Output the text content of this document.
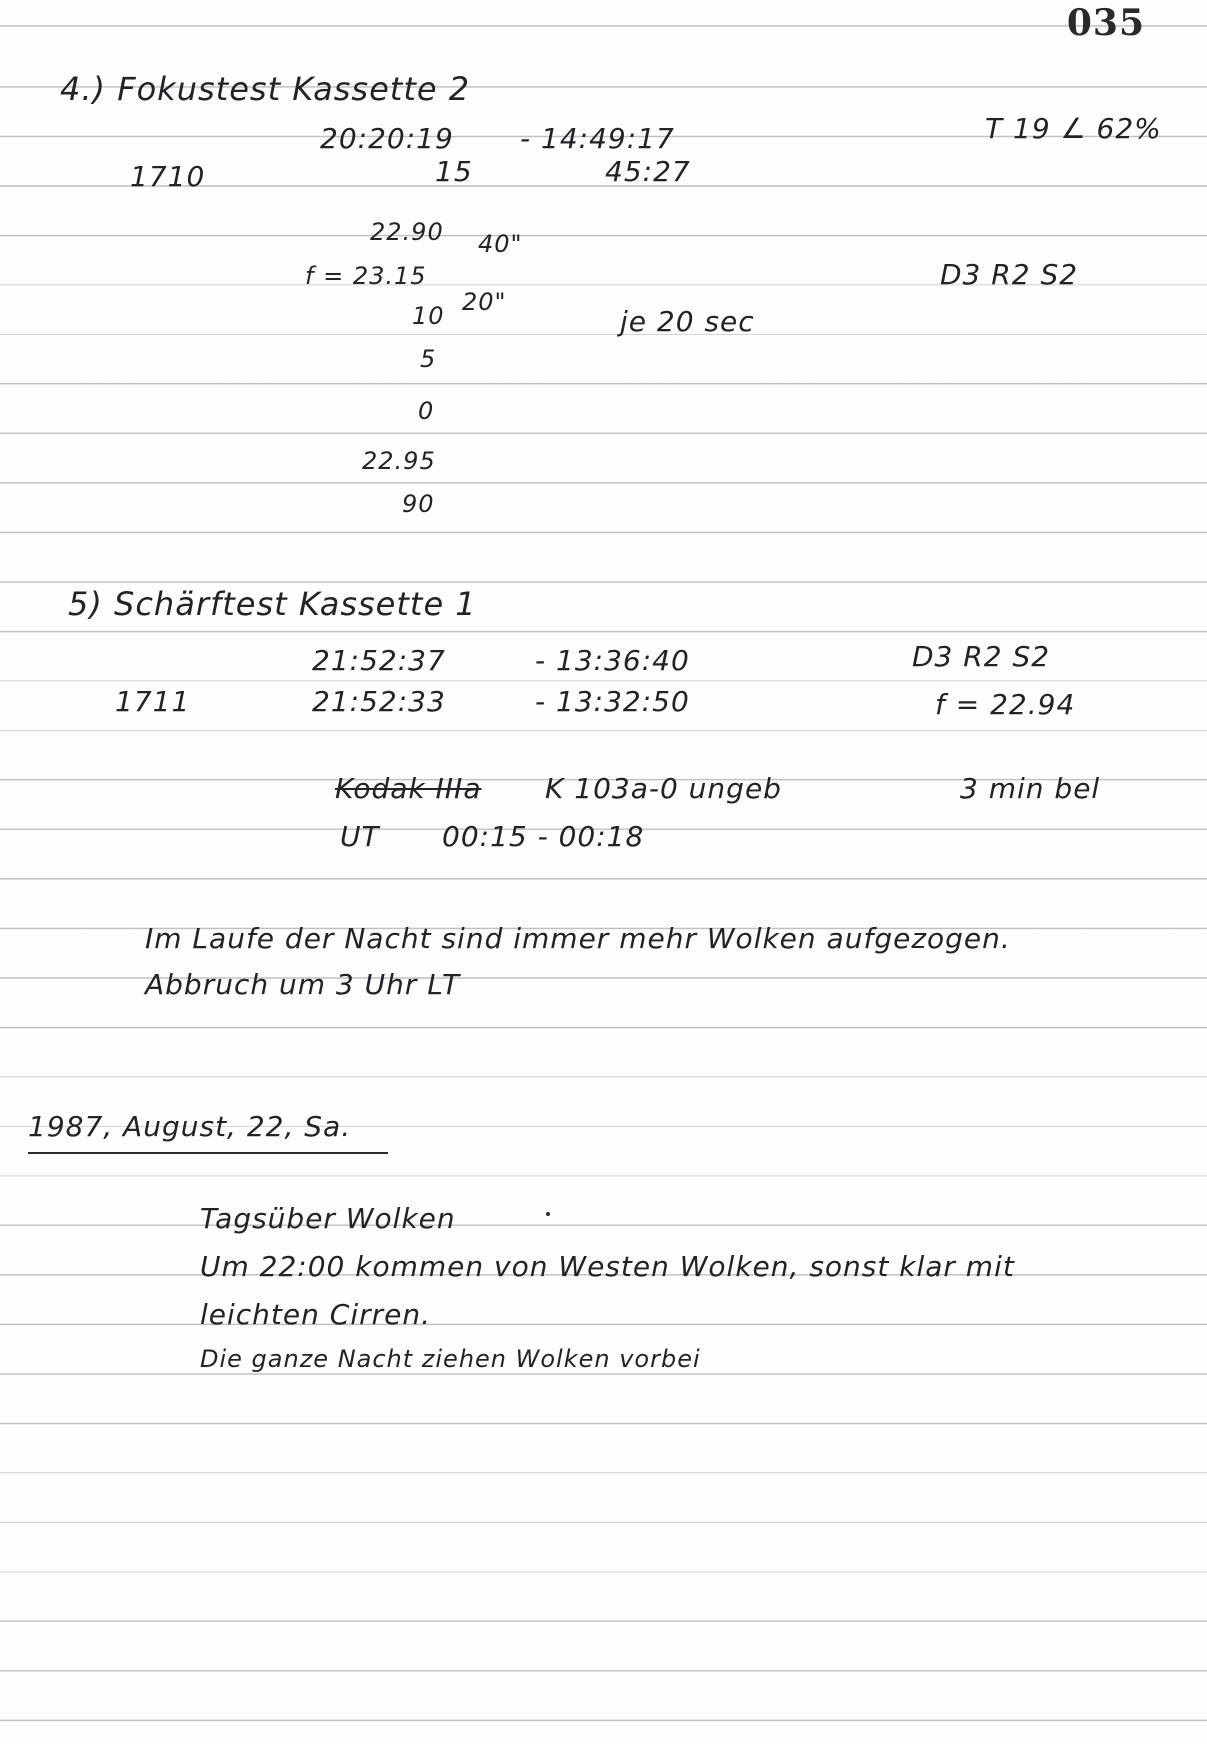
035
4.) Fokustest Kassette 2
20:20:19 - 14:49:17	T 19 ∠ 62%
1710	15	45:27
22.90 40"
f = 23.15	D3 R2 S2
10 20"
je 20 sec
5
0
22.95
90
5) Schärftest Kassette 1
21:52:37	- 13:36:40	D3 R2 S2
1711	21:52:33	- 13:32:50	f = 22.94
Kodak IIIa K 103a-0 ungeb	3 min bel
UT 00:15 - 00:18
Im Laufe der Nacht sind immer mehr Wolken aufgezogen.
Abbruch um 3 Uhr LT
1987, August, 22, Sa.
Tagsüber Wolken
Um 22:00 kommen von Westen Wolken, sonst klar mit
leichten Cirren.
Die ganze Nacht ziehen Wolken vorbei
